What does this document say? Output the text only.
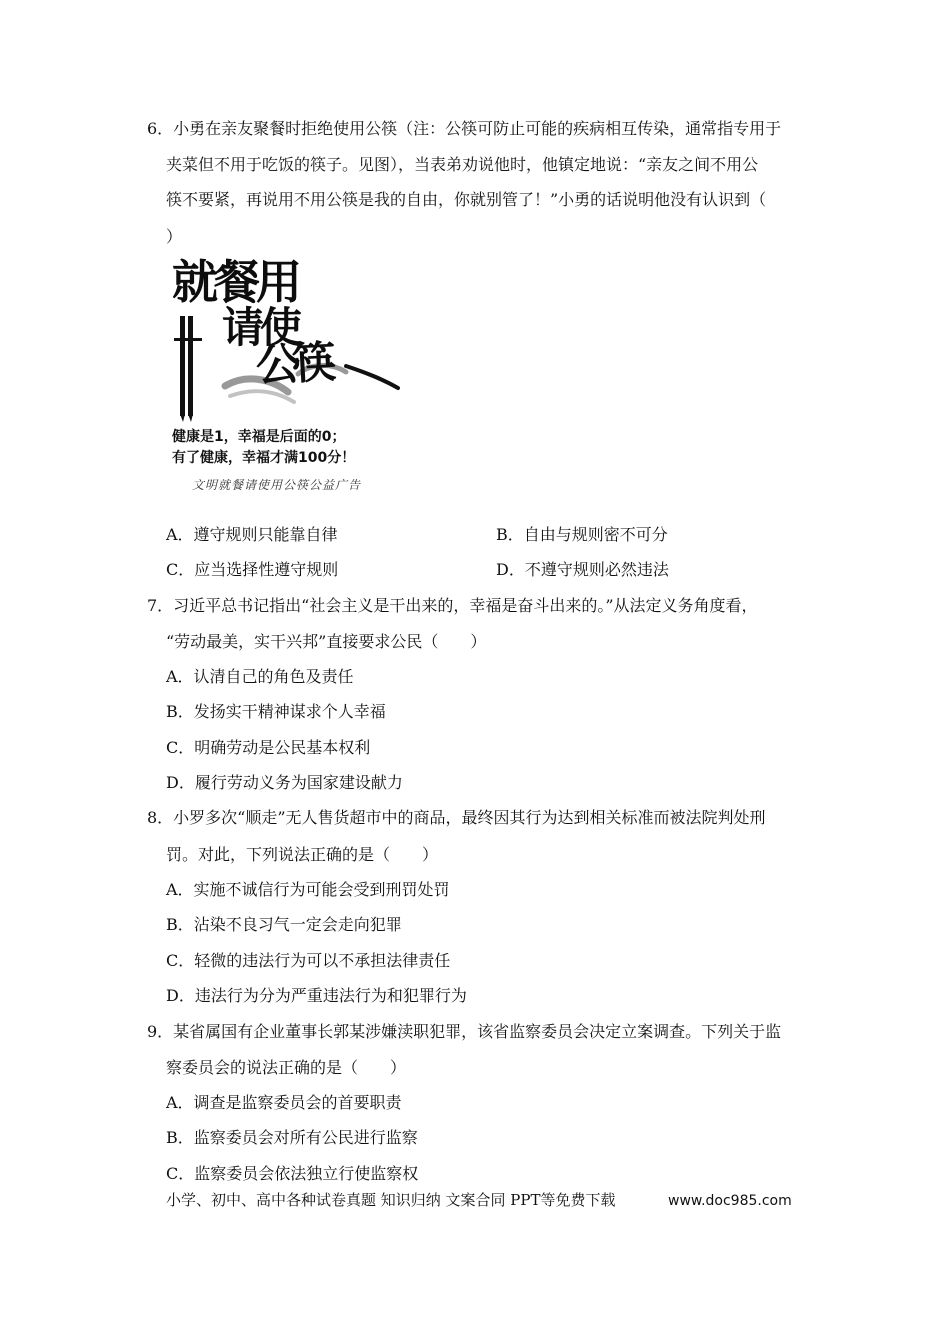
6．小勇在亲友聚餐时拒绝使用公筷（注：公筷可防止可能的疾病相互传染，通常指专用于
夹菜但不用于吃饭的筷子。见图），当表弟劝说他时，他镇定地说：“亲友之间不用公
筷不要紧，再说用不用公筷是我的自由，你就别管了！”小勇的话说明他没有认识到（
）
就餐用
请使
公筷
健康是1，幸福是后面的0；
有了健康，幸福才满100分！
文明就餐请使用公筷公益广告
A．遵守规则只能靠自律	B．自由与规则密不可分
C．应当选择性遵守规则	D．不遵守规则必然违法
7．习近平总书记指出“社会主义是干出来的，幸福是奋斗出来的。”从法定义务角度看，
“劳动最美，实干兴邦”直接要求公民（　　）
A．认清自己的角色及责任
B．发扬实干精神谋求个人幸福
C．明确劳动是公民基本权利
D．履行劳动义务为国家建设献力
8．小罗多次“顺走”无人售货超市中的商品，最终因其行为达到相关标准而被法院判处刑
罚。对此，下列说法正确的是（　　）
A．实施不诚信行为可能会受到刑罚处罚
B．沾染不良习气一定会走向犯罪
C．轻微的违法行为可以不承担法律责任
D．违法行为分为严重违法行为和犯罪行为
9．某省属国有企业董事长郭某涉嫌渎职犯罪，该省监察委员会决定立案调查。下列关于监
察委员会的说法正确的是（　　）
A．调查是监察委员会的首要职责
B．监察委员会对所有公民进行监察
C．监察委员会依法独立行使监察权
小学、初中、高中各种试卷真题 知识归纳 文案合同 PPT等免费下载	www.doc985.com
